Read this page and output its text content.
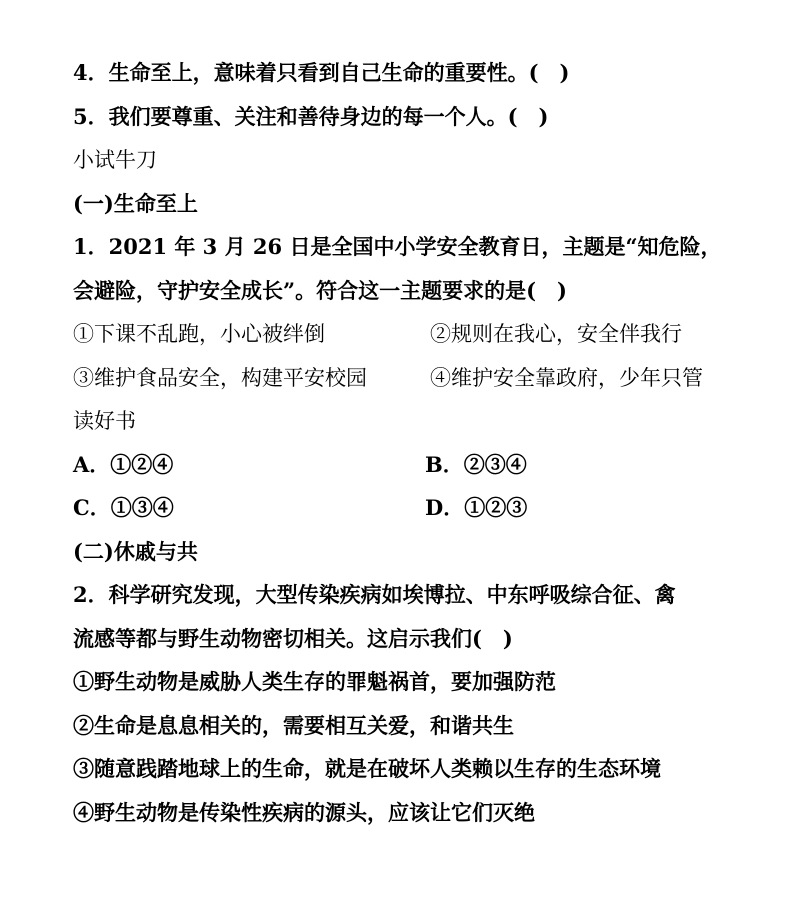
4．生命至上，意味着只看到自己生命的重要性。(　)
5．我们要尊重、关注和善待身边的每一个人。(　)
小试牛刀
(一)生命至上
1．2021 年 3 月 26 日是全国中小学安全教育日，主题是“知危险，
会避险，守护安全成长”。符合这一主题要求的是(　)
①下课不乱跑，小心被绊倒	②规则在我心，安全伴我行
③维护食品安全，构建平安校园	④维护安全靠政府，少年只管
读好书
A．①②④	B．②③④
C．①③④	D．①②③
(二)休戚与共
2．科学研究发现，大型传染疾病如埃博拉、中东呼吸综合征、禽
流感等都与野生动物密切相关。这启示我们(　)
①野生动物是威胁人类生存的罪魁祸首，要加强防范
②生命是息息相关的，需要相互关爱，和谐共生
③随意践踏地球上的生命，就是在破坏人类赖以生存的生态环境
④野生动物是传染性疾病的源头，应该让它们灭绝
